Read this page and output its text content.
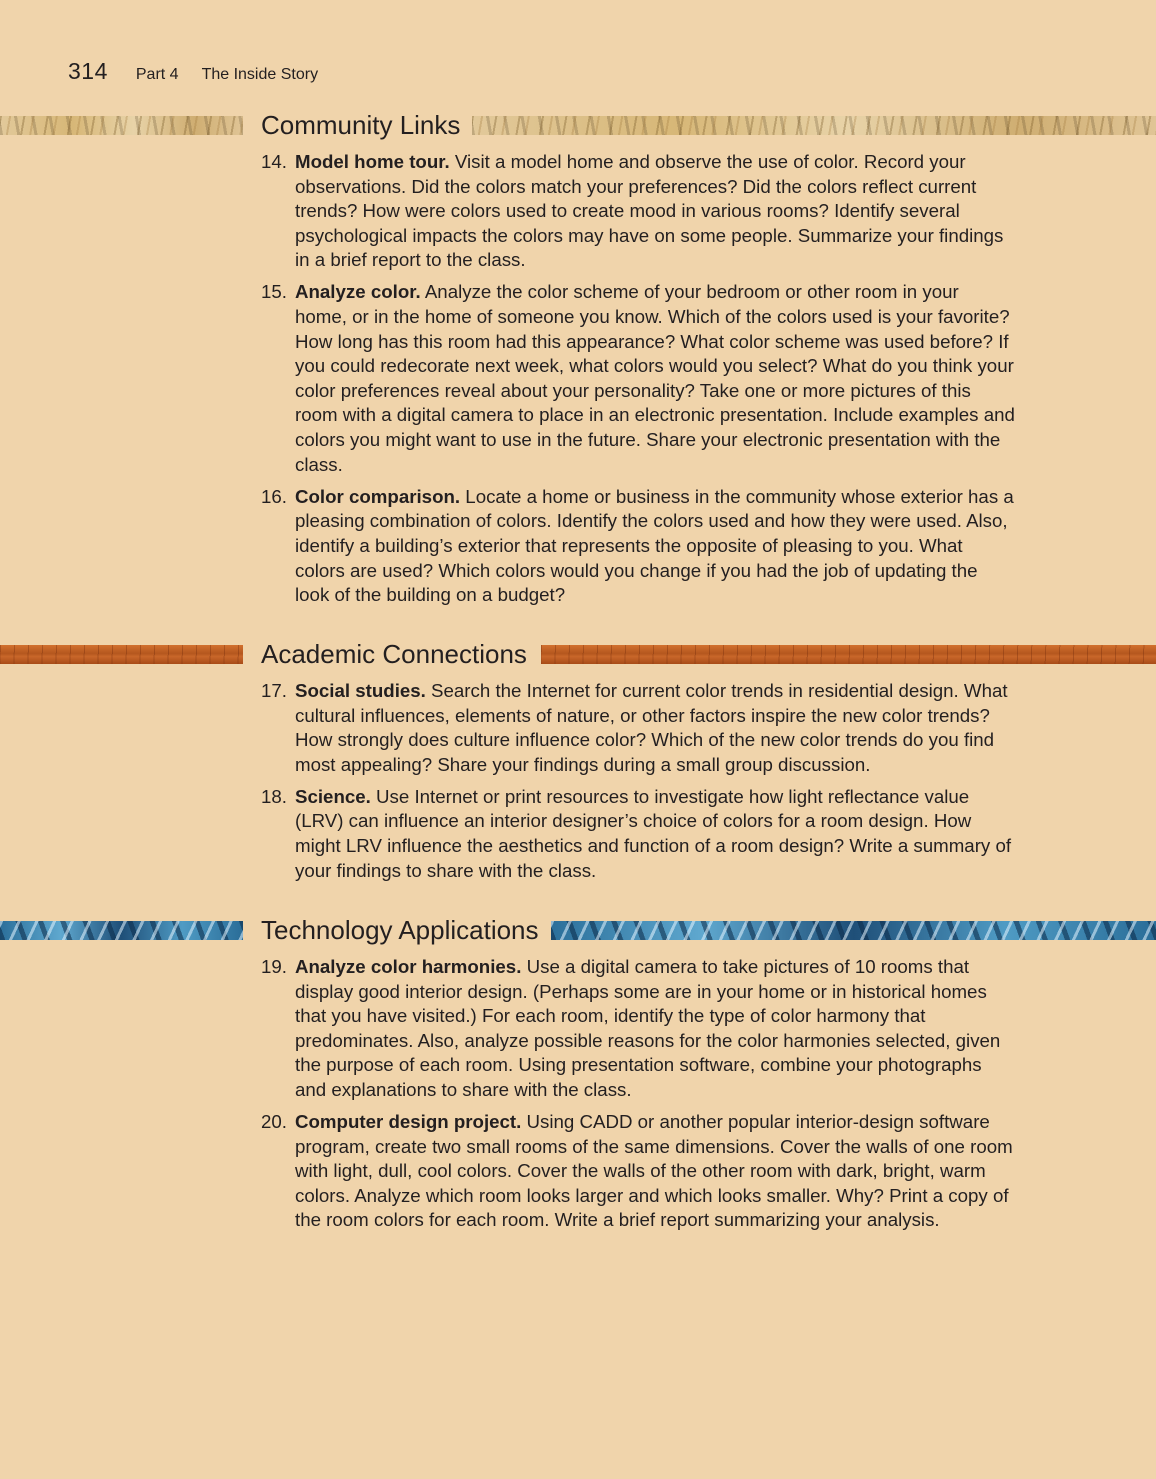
314 Part 4 The Inside Story
Community Links
14. Model home tour. Visit a model home and observe the use of color. Record your observations. Did the colors match your preferences? Did the colors reflect current trends? How were colors used to create mood in various rooms? Identify several psychological impacts the colors may have on some people. Summarize your findings in a brief report to the class.
15. Analyze color. Analyze the color scheme of your bedroom or other room in your home, or in the home of someone you know. Which of the colors used is your favorite? How long has this room had this appearance? What color scheme was used before? If you could redecorate next week, what colors would you select? What do you think your color preferences reveal about your personality? Take one or more pictures of this room with a digital camera to place in an electronic presentation. Include examples and colors you might want to use in the future. Share your electronic presentation with the class.
16. Color comparison. Locate a home or business in the community whose exterior has a pleasing combination of colors. Identify the colors used and how they were used. Also, identify a building’s exterior that represents the opposite of pleasing to you. What colors are used? Which colors would you change if you had the job of updating the look of the building on a budget?
Academic Connections
17. Social studies. Search the Internet for current color trends in residential design. What cultural influences, elements of nature, or other factors inspire the new color trends? How strongly does culture influence color? Which of the new color trends do you find most appealing? Share your findings during a small group discussion.
18. Science. Use Internet or print resources to investigate how light reflectance value (LRV) can influence an interior designer’s choice of colors for a room design. How might LRV influence the aesthetics and function of a room design? Write a summary of your findings to share with the class.
Technology Applications
19. Analyze color harmonies. Use a digital camera to take pictures of 10 rooms that display good interior design. (Perhaps some are in your home or in historical homes that you have visited.) For each room, identify the type of color harmony that predominates. Also, analyze possible reasons for the color harmonies selected, given the purpose of each room. Using presentation software, combine your photographs and explanations to share with the class.
20. Computer design project. Using CADD or another popular interior-design software program, create two small rooms of the same dimensions. Cover the walls of one room with light, dull, cool colors. Cover the walls of the other room with dark, bright, warm colors. Analyze which room looks larger and which looks smaller. Why? Print a copy of the room colors for each room. Write a brief report summarizing your analysis.
